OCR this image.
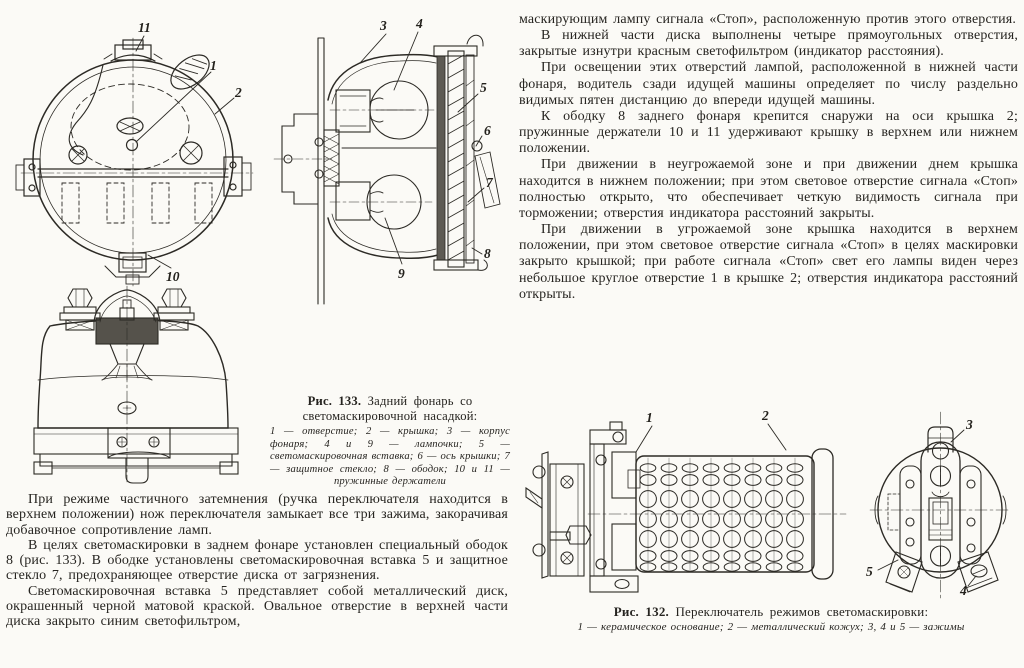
11
1
2
10
3 4
5
6
7
8
9
Рис. 133. Задний фонарь со светомаскировочной насадкой:
1 — отверстие; 2 — крышка; 3 — корпус фонаря; 4 и 9 — лампочки; 5 — светомаскировочная вставка; 6 — ось крышки; 7 — защитное стекло; 8 — ободок; 10 и 11 — пружинные держатели

При режиме частичного затемнения (ручка переключателя находится в верхнем положении) нож переключателя замыкает все три зажима, закорачивая добавочное сопротивление ламп.

В целях светомаскировки в заднем фонаре установлен специальный ободок 8 (рис. 133). В ободке установлены светомаскировочная вставка 5 и защитное стекло 7, предохраняющее отверстие диска от загрязнения.

Светомаскировочная вставка 5 представляет собой металлический диск, окрашенный черной матовой краской. Овальное отверстие в верхней части диска закрыто синим светофильтром,

маскирующим лампу сигнала «Стоп», расположенную против этого отверстия.

В нижней части диска выполнены четыре прямоугольных отверстия, закрытые изнутри красным светофильтром (индикатор расстояния).

При освещении этих отверстий лампой, расположенной в нижней части фонаря, водитель сзади идущей машины определяет по числу раздельно видимых пятен дистанцию до впереди идущей машины.

К ободку 8 заднего фонаря крепится снаружи на оси крышка 2; пружинные держатели 10 и 11 удерживают крышку в верхнем или нижнем положении.

При движении в неугрожаемой зоне и при движении днем крышка находится в нижнем положении; при этом световое отверстие сигнала «Стоп» полностью открыто, что обеспечивает четкую видимость сигнала при торможении; отверстия индикатора расстояний закрыты.

При движении в угрожаемой зоне крышка находится в верхнем положении, при этом световое отверстие сигнала «Стоп» в целях маскировки закрыто крышкой; при работе сигнала «Стоп» свет его лампы виден через небольшое круглое отверстие 1 в крышке 2; отверстия индикатора расстояний открыты.

1	2
3
4
5
Рис. 132. Переключатель режимов светомаскировки:
1 — керамическое основание; 2 — металлический кожух; 3, 4 и 5 — зажимы
